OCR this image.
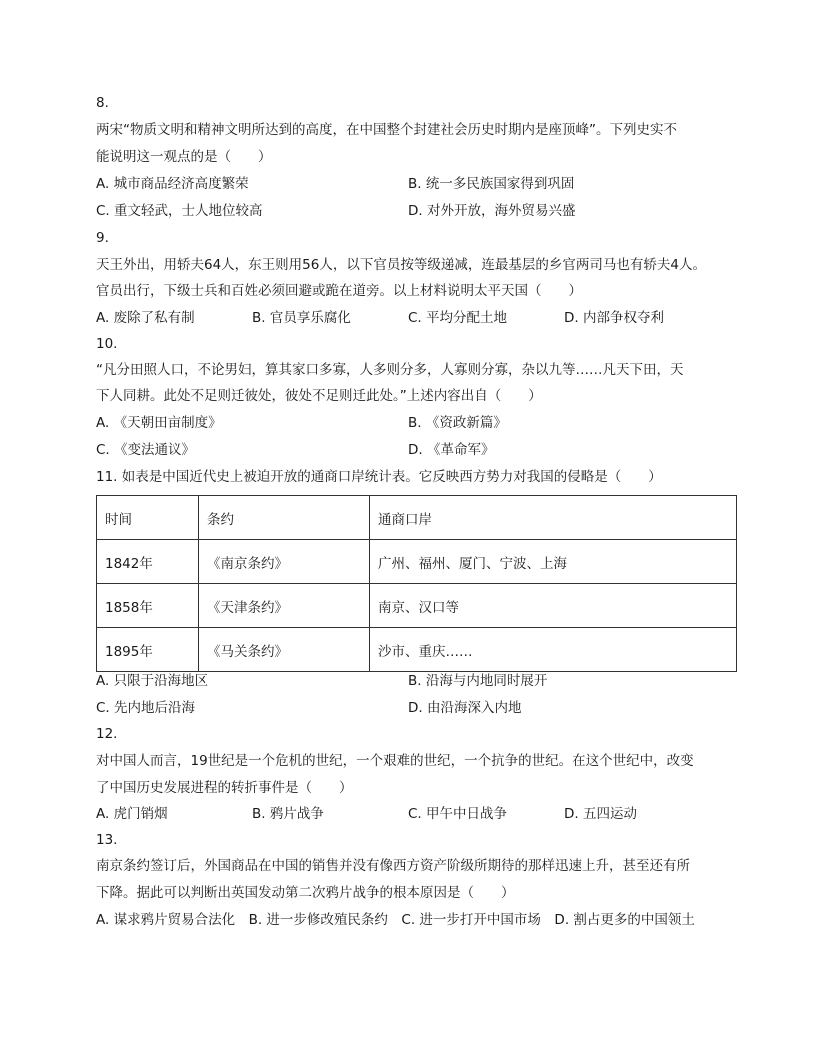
8.
两宋“物质文明和精神文明所达到的高度，在中国整个封建社会历史时期内是座顶峰”。下列史实不
能说明这一观点的是（　　）
A. 城市商品经济高度繁荣	B. 统一多民族国家得到巩固
C. 重文轻武，士人地位较高	D. 对外开放，海外贸易兴盛
9.
天王外出，用轿夫64人，东王则用56人，以下官员按等级递减，连最基层的乡官两司马也有轿夫4人。
官员出行，下级士兵和百姓必须回避或跪在道旁。以上材料说明太平天国（　　）
A. 废除了私有制	B. 官员享乐腐化	C. 平均分配土地	D. 内部争权夺利
10.
“凡分田照人口，不论男妇，算其家口多寡，人多则分多，人寡则分寡，杂以九等……凡天下田，天
下人同耕。此处不足则迁彼处，彼处不足则迁此处。”上述内容出自（　　）
A. 《天朝田亩制度》	B. 《资政新篇》
C. 《变法通议》	D. 《革命军》
11. 如表是中国近代史上被迫开放的通商口岸统计表。它反映西方势力对我国的侵略是（　　）
时间	条约	通商口岸
1842年	《南京条约》	广州、福州、厦门、宁波、上海
1858年	《天津条约》	南京、汉口等
1895年	《马关条约》	沙市、重庆……
A. 只限于沿海地区	B. 沿海与内地同时展开
C. 先内地后沿海	D. 由沿海深入内地
12.
对中国人而言，19世纪是一个危机的世纪，一个艰难的世纪，一个抗争的世纪。在这个世纪中，改变
了中国历史发展进程的转折事件是（　　）
A. 虎门销烟	B. 鸦片战争	C. 甲午中日战争	D. 五四运动
13.
南京条约签订后，外国商品在中国的销售并没有像西方资产阶级所期待的那样迅速上升，甚至还有所
下降。据此可以判断出英国发动第二次鸦片战争的根本原因是（　　）
A. 谋求鸦片贸易合法化　B. 进一步修改殖民条约　C. 进一步打开中国市场　D. 割占更多的中国领土
